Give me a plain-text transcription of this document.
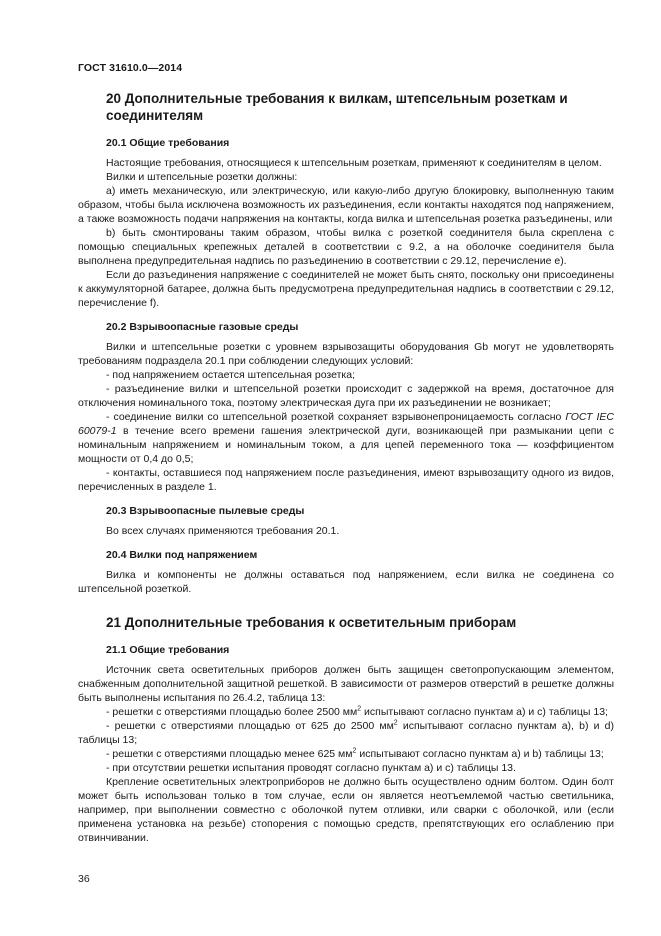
ГОСТ 31610.0—2014
20 Дополнительные требования к вилкам, штепсельным розеткам и соединителям
20.1 Общие требования

Настоящие требования, относящиеся к штепсельным розеткам, применяют к соединителям в целом.

Вилки и штепсельные розетки должны:

a) иметь механическую, или электрическую, или какую-либо другую блокировку, выполненную таким образом, чтобы была исключена возможность их разъединения, если контакты находятся под напряжением, а также возможность подачи напряжения на контакты, когда вилка и штепсельная розетка разъединены, или

b) быть смонтированы таким образом, чтобы вилка с розеткой соединителя была скреплена с помощью специальных крепежных деталей в соответствии с 9.2, а на оболочке соединителя была выполнена предупредительная надпись по разъединению в соответствии с 29.12, перечисление e).

Если до разъединения напряжение с соединителей не может быть снято, поскольку они присоединены к аккумуляторной батарее, должна быть предусмотрена предупредительная надпись в соответствии с 29.12, перечисление f).

20.2 Взрывоопасные газовые среды

Вилки и штепсельные розетки с уровнем взрывозащиты оборудования Gb могут не удовлетворять требованиям подраздела 20.1 при соблюдении следующих условий:

- под напряжением остается штепсельная розетка;

- разъединение вилки и штепсельной розетки происходит с задержкой на время, достаточное для отключения номинального тока, поэтому электрическая дуга при их разъединении не возникает;

- соединение вилки со штепсельной розеткой сохраняет взрывонепроницаемость согласно ГОСТ IEC 60079-1 в течение всего времени гашения электрической дуги, возникающей при размыкании цепи с номинальным напряжением и номинальным током, а для цепей переменного тока — коэффициентом мощности от 0,4 до 0,5;

- контакты, оставшиеся под напряжением после разъединения, имеют взрывозащиту одного из видов, перечисленных в разделе 1.

20.3 Взрывоопасные пылевые среды

Во всех случаях применяются требования 20.1.

20.4 Вилки под напряжением

Вилка и компоненты не должны оставаться под напряжением, если вилка не соединена со штепсельной розеткой.

21 Дополнительные требования к осветительным приборам
21.1 Общие требования

Источник света осветительных приборов должен быть защищен светопропускающим элементом, снабженным дополнительной защитной решеткой. В зависимости от размеров отверстий в решетке должны быть выполнены испытания по 26.4.2, таблица 13:

- решетки с отверстиями площадью более 2500 $мм^2$ испытывают согласно пунктам a) и c) таблицы 13;

- решетки с отверстиями площадью от 625 до 2500 $мм^2$ испытывают согласно пунктам a), b) и d) таблицы 13;

- решетки с отверстиями площадью менее 625 $мм^2$ испытывают согласно пунктам a) и b) таблицы 13;

- при отсутствии решетки испытания проводят согласно пунктам a) и c) таблицы 13.

Крепление осветительных электроприборов не должно быть осуществлено одним болтом. Один болт может быть использован только в том случае, если он является неотъемлемой частью светильника, например, при выполнении совместно с оболочкой путем отливки, или сварки с оболочкой, или (если применена установка на резьбе) стопорения с помощью средств, препятствующих его ослаблению при отвинчивании.

36
